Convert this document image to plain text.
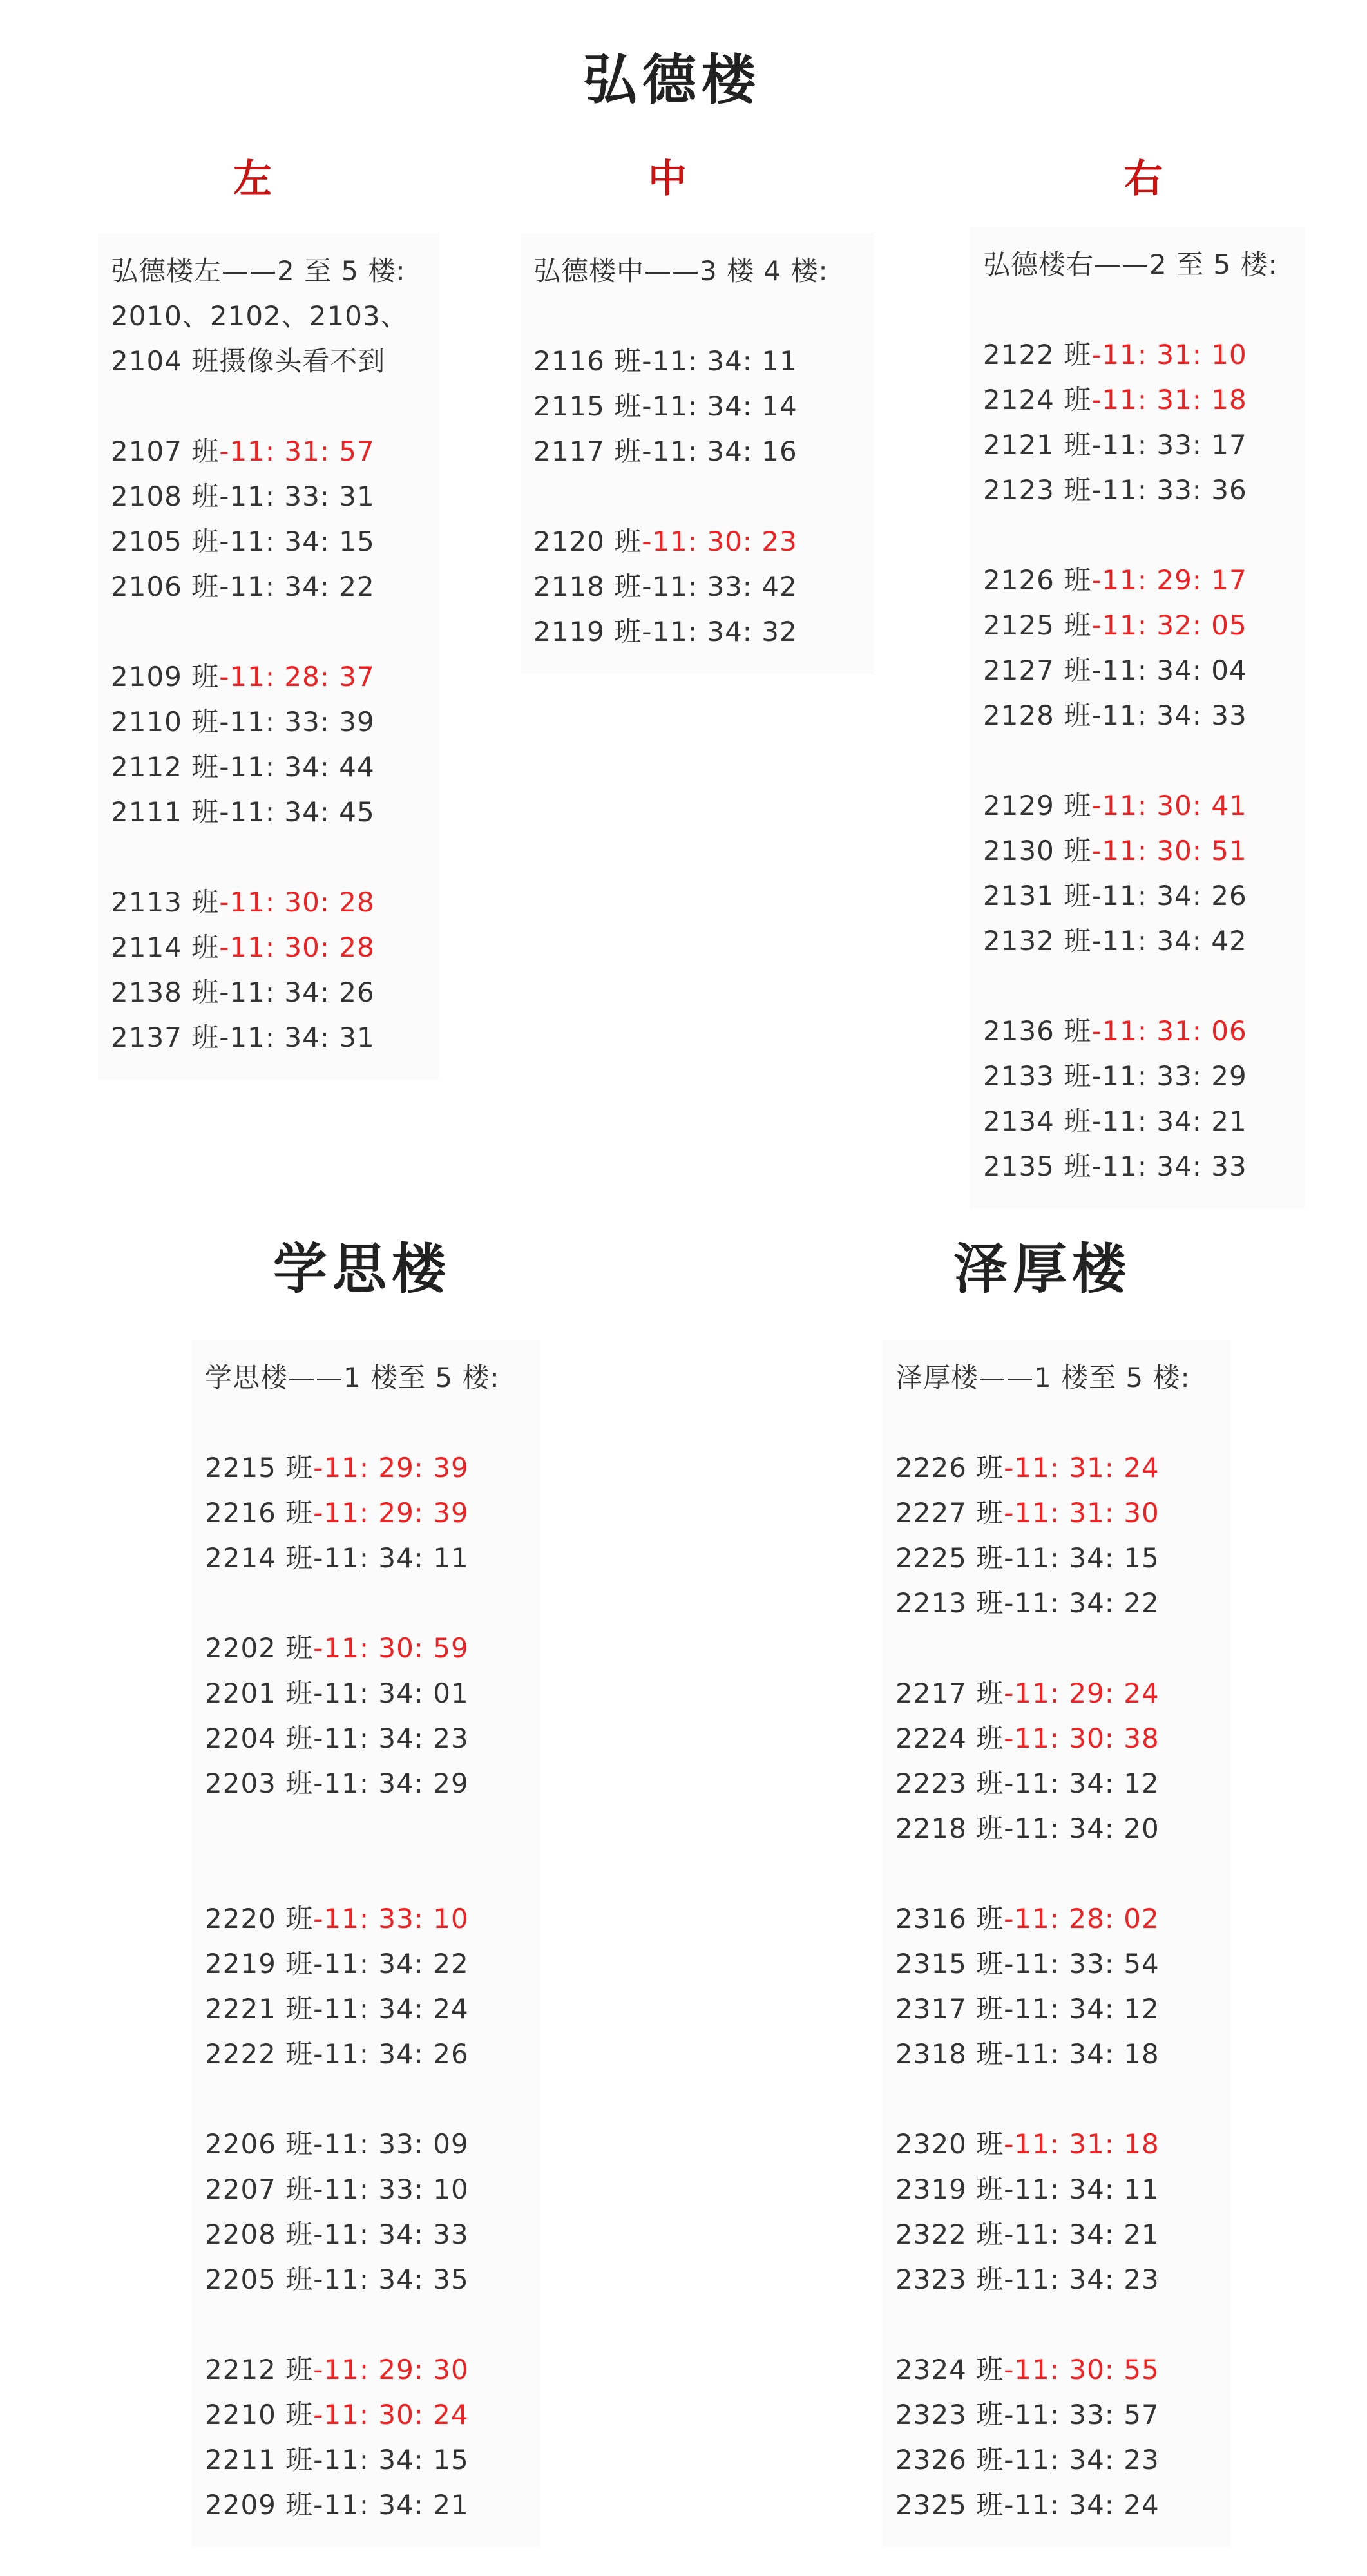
弘德楼
左	中	右
弘德楼左——2 至 5 楼:
2010、2102、2103、
2104 班摄像头看不到
2107 班-11: 31: 57
2108 班-11: 33: 31
2105 班-11: 34: 15
2106 班-11: 34: 22
2109 班-11: 28: 37
2110 班-11: 33: 39
2112 班-11: 34: 44
2111 班-11: 34: 45
2113 班-11: 30: 28
2114 班-11: 30: 28
2138 班-11: 34: 26
2137 班-11: 34: 31
弘德楼中——3 楼 4 楼:
2116 班-11: 34: 11
2115 班-11: 34: 14
2117 班-11: 34: 16
2120 班-11: 30: 23
2118 班-11: 33: 42
2119 班-11: 34: 32
弘德楼右——2 至 5 楼:
2122 班-11: 31: 10
2124 班-11: 31: 18
2121 班-11: 33: 17
2123 班-11: 33: 36
2126 班-11: 29: 17
2125 班-11: 32: 05
2127 班-11: 34: 04
2128 班-11: 34: 33
2129 班-11: 30: 41
2130 班-11: 30: 51
2131 班-11: 34: 26
2132 班-11: 34: 42
2136 班-11: 31: 06
2133 班-11: 33: 29
2134 班-11: 34: 21
2135 班-11: 34: 33
学思楼
学思楼——1 楼至 5 楼:
2215 班-11: 29: 39
2216 班-11: 29: 39
2214 班-11: 34: 11
2202 班-11: 30: 59
2201 班-11: 34: 01
2204 班-11: 34: 23
2203 班-11: 34: 29
2220 班-11: 33: 10
2219 班-11: 34: 22
2221 班-11: 34: 24
2222 班-11: 34: 26
2206 班-11: 33: 09
2207 班-11: 33: 10
2208 班-11: 34: 33
2205 班-11: 34: 35
2212 班-11: 29: 30
2210 班-11: 30: 24
2211 班-11: 34: 15
2209 班-11: 34: 21
泽厚楼
泽厚楼——1 楼至 5 楼:
2226 班-11: 31: 24
2227 班-11: 31: 30
2225 班-11: 34: 15
2213 班-11: 34: 22
2217 班-11: 29: 24
2224 班-11: 30: 38
2223 班-11: 34: 12
2218 班-11: 34: 20
2316 班-11: 28: 02
2315 班-11: 33: 54
2317 班-11: 34: 12
2318 班-11: 34: 18
2320 班-11: 31: 18
2319 班-11: 34: 11
2322 班-11: 34: 21
2323 班-11: 34: 23
2324 班-11: 30: 55
2323 班-11: 33: 57
2326 班-11: 34: 23
2325 班-11: 34: 24
